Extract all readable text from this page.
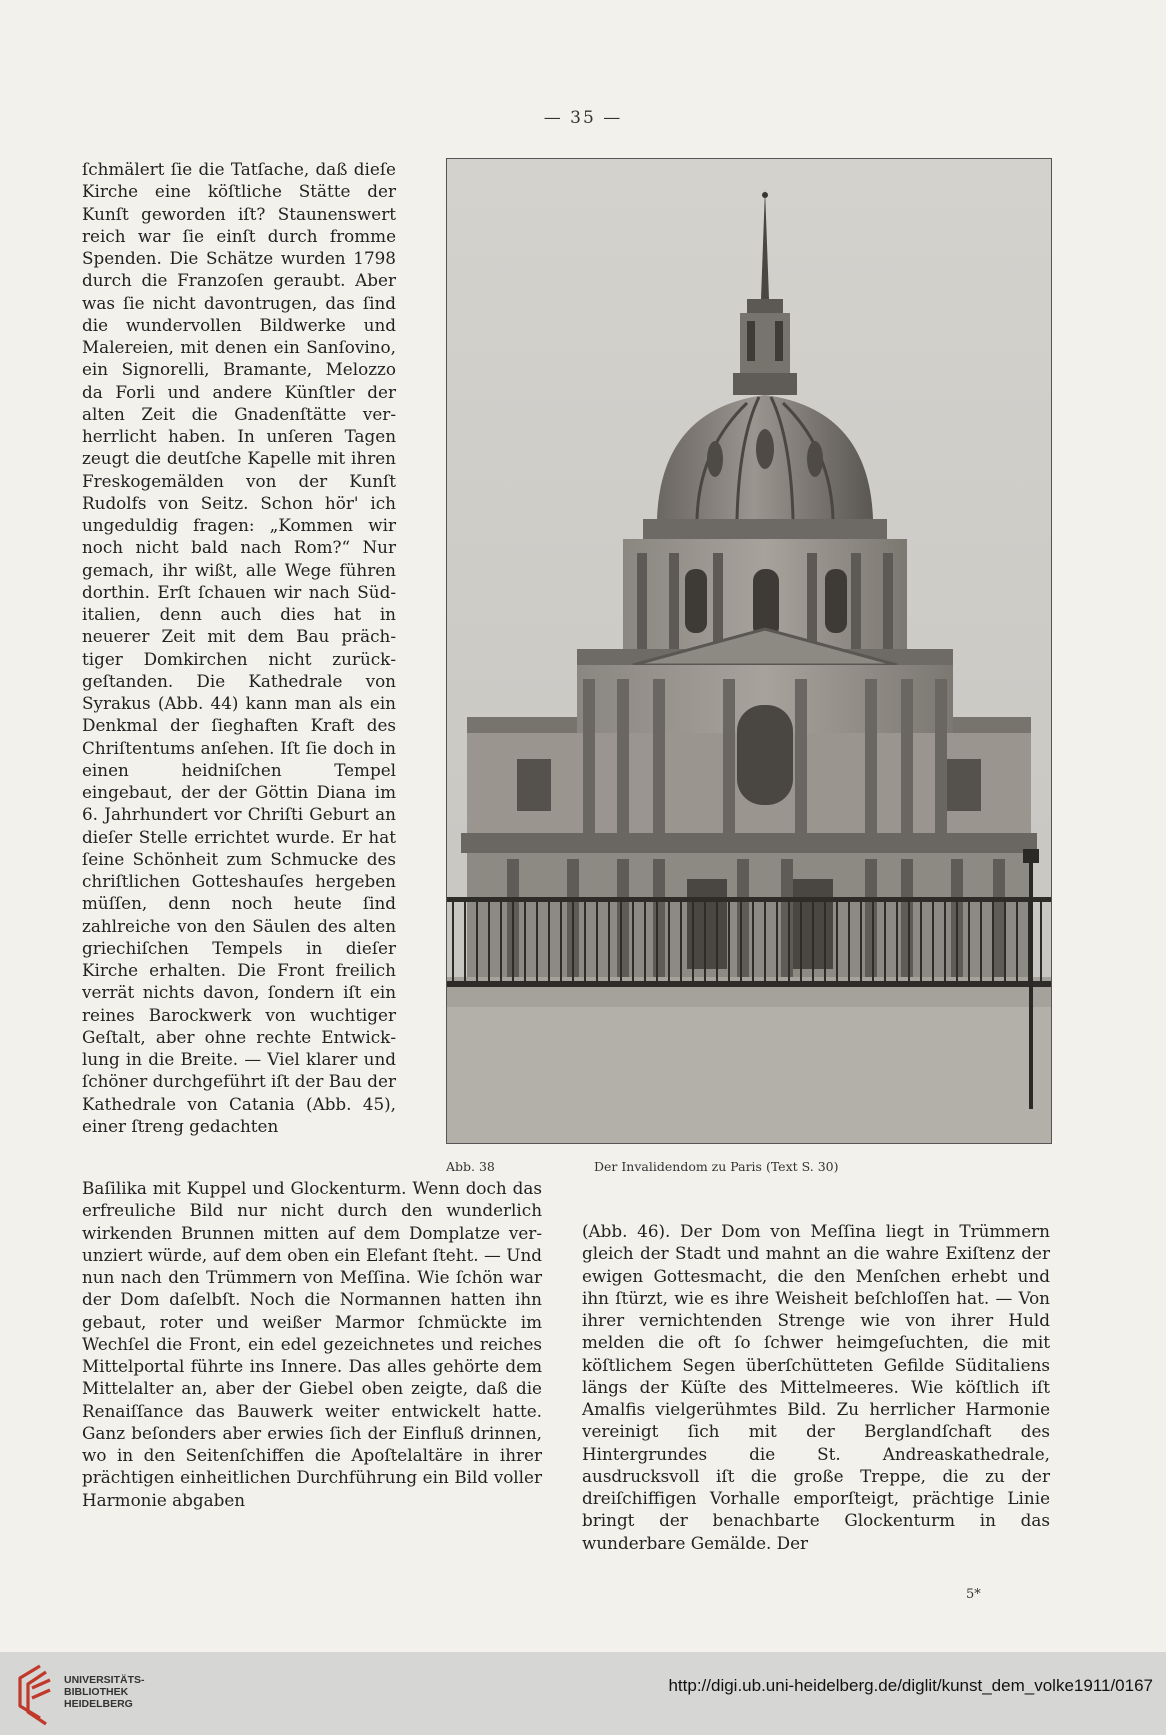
— 35 —

ſchmälert ſie die Tatſache, daß dieſe Kirche eine köſtliche Stätte der Kunſt geworden iſt? Staunenswert reich war ſie einſt durch fromme Spenden. Die Schätze wurden 1798 durch die Franzoſen geraubt. Aber was ſie nicht davontrugen, das ſind die wundervollen Bildwerke und Malereien, mit denen ein Sanſovino, ein Signorelli, Bramante, Melozzo da Forli und andere Künſtler der alten Zeit die Gnadenſtätte verherrlicht haben. In unſeren Tagen zeugt die deutſche Kapelle mit ihren Freskogemälden von der Kunſt Rudolfs von Seitz. Schon hör' ich ungeduldig fragen: „Kommen wir noch nicht bald nach Rom?“ Nur gemach, ihr wißt, alle Wege führen dorthin. Erſt ſchauen wir nach Süditalien, denn auch dies hat in neuerer Zeit mit dem Bau prächtiger Domkirchen nicht zurückgeſtanden. Die Kathedrale von Syrakus (Abb. 44) kann man als ein Denkmal der ſieghaften Kraft des Chriſtentums anſehen. Iſt ſie doch in einen heidniſchen Tempel eingebaut, der der Göttin Diana im 6. Jahrhundert vor Chriſti Geburt an dieſer Stelle errichtet wurde. Er hat ſeine Schönheit zum Schmucke des chriſtlichen Gotteshauſes hergeben müſſen, denn noch heute ſind zahlreiche von den Säulen des alten griechiſchen Tempels in dieſer Kirche erhalten. Die Front freilich verrät nichts davon, ſondern iſt ein reines Barockwerk von wuchtiger Geſtalt, aber ohne rechte Entwicklung in die Breite. — Viel klarer und ſchöner durchgeführt iſt der Bau der Kathedrale von Catania (Abb. 45), einer ſtreng gedachten

Abb. 38	Der Invalidendom zu Paris (Text S. 30)

Baſilika mit Kuppel und Glockenturm. Wenn doch das erfreuliche Bild nur nicht durch den wunderlich wirkenden Brunnen mitten auf dem Domplatze verunziert würde, auf dem oben ein Elefant ſteht. — Und nun nach den Trümmern von Meſſina. Wie ſchön war der Dom daſelbſt. Noch die Normannen hatten ihn gebaut, roter und weißer Marmor ſchmückte im Wechſel die Front, ein edel gezeichnetes und reiches Mittelportal führte ins Innere. Das alles gehörte dem Mittelalter an, aber der Giebel oben zeigte, daß die Renaiſſance das Bauwerk weiter entwickelt hatte. Ganz beſonders aber erwies ſich der Einfluß drinnen, wo in den Seitenſchiffen die Apoſtelaltäre in ihrer prächtigen einheitlichen Durchführung ein Bild voller Harmonie abgaben

(Abb. 46). Der Dom von Meſſina liegt in Trümmern gleich der Stadt und mahnt an die wahre Exiſtenz der ewigen Gottesmacht, die den Menſchen erhebt und ihn ſtürzt, wie es ihre Weisheit beſchloſſen hat. — Von ihrer vernichtenden Strenge wie von ihrer Huld melden die oft ſo ſchwer heimgeſuchten, die mit köſtlichem Segen überſchütteten Gefilde Süditaliens längs der Küſte des Mittelmeeres. Wie köſtlich iſt Amalfis vielgerühmtes Bild. Zu herrlicher Harmonie vereinigt ſich mit der Berglandſchaft des Hintergrundes die St. Andreaskathedrale, ausdrucksvoll iſt die große Treppe, die zu der dreiſchiffigen Vorhalle emporſteigt, prächtige Linie bringt der benachbarte Glockenturm in das wunderbare Gemälde. Der

5*
UNIVERSITÄTS-
BIBLIOTHEK
HEIDELBERG
http://digi.ub.uni-heidelberg.de/diglit/kunst_dem_volke1911/0167
